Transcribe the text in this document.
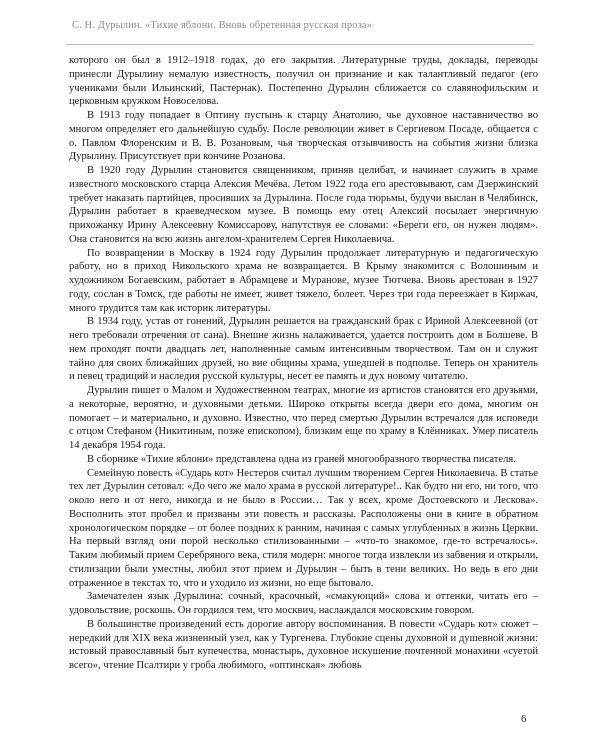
С. Н. Дурылин. «Тихие яблони. Вновь обретенная русская проза»

которого он был в 1912–1918 годах, до его закрытия. Литературные труды, доклады, переводы принесли Дурылину немалую известность, получил он признание и как талантливый педагог (его учениками были Ильинский, Пастернак). Постепенно Дурылин сближается со славянофильским и церковным кружком Новоселова.

В 1913 году попадает в Оптину пустынь к старцу Анатолию, чье духовное наставничество во многом определяет его дальнейшую судьбу. После революции живет в Сергиевом Посаде, общается с о. Павлом Флоренским и В. В. Розановым, чья творческая отзывчивость на события жизни близка Дурылину. Присутствует при кончине Розанова.

В 1920 году Дурылин становится священником, приняв целибат, и начинает служить в храме известного московского старца Алексия Мечёва. Летом 1922 года его арестовывают, сам Дзержинский требует наказать партийцев, просивших за Дурылина. После года тюрьмы, будучи выслан в Челябинск, Дурылин работает в краеведческом музее. В помощь ему отец Алексий посылает энергичную прихожанку Ирину Алексеевну Комиссарову, напутствуя ее словами: «Береги его, он нужен людям». Она становится на всю жизнь ангелом-хранителем Сергея Николаевича.

По возвращении в Москву в 1924 году Дурылин продолжает литературную и педагогическую работу, но в приход Никольского храма не возвращается. В Крыму знакомится с Волошиным и художником Богаевским, работает в Абрамцеве и Муранове, музее Тютчева. Вновь арестован в 1927 году, сослан в Томск, где работы не имеет, живет тяжело, болеет. Через три года переезжает в Киржач, много трудится там как историк литературы.

В 1934 году, устав от гонений, Дурылин решается на гражданский брак с Ириной Алексеевной (от него требовали отречения от сана). Внешне жизнь налаживается, удается построить дом в Болшеве. В нем проходят почти двадцать лет, наполненные самым интенсивным творчеством. Там он и служит тайно для своих ближайших друзей, но вне общины храма, ушедшей в подполье. Теперь он хранитель и певец традиций и наследия русской культуры, несет ее память и дух новому читателю.

Дурылин пишет о Малом и Художественном театрах, многие из артистов становятся его друзьями, а некоторые, вероятно, и духовными детьми. Широко открыты всегда двери его дома, многим он помогает – и материально, и духовно. Известно, что перед смертью Дурылин встречался для исповеди с отцом Стефаном (Никитиным, позже епископом), близким еще по храму в Клённиках. Умер писатель 14 декабря 1954 года.

В сборнике «Тихие яблони» представлена одна из граней многообразного творчества писателя.

Семейную повесть «Сударь кот» Нестеров считал лучшим творением Сергея Николаевича. В статье тех лет Дурылин сетовал: «До чего же мало храма в русской литературе!.. Как будто ни его, ни того, что около него и от него, никогда и не было в России… Так у всех, кроме Достоевского и Лескова». Восполнить этот пробел и призваны эти повесть и рассказы. Расположены они в книге в обратном хронологическом порядке – от более поздних к ранним, начиная с самых углубленных в жизнь Церкви. На первый взгляд они порой несколько стилизованными – «что-то знакомое, где-то встречалось». Таким любимый прием Серебряного века, стиля модерн: многое тогда извлекли из забвения и открыли, стилизации были уместны, любил этот прием и Дурылин – быть в тени великих. Но ведь в его дни отраженное в текстах то, что и уходило из жизни, но еще бытовало.

Замечателен язык Дурылина: сочный, красочный, «смакующий» слова и оттенки, читать его – удовольствие, роскошь. Он гордился тем, что москвич, наслаждался московским говором.

В большинстве произведений есть дорогие автору воспоминания. В повести «Сударь кот» сюжет – нередкий для XIX века жизненный узел, как у Тургенева. Глубокие сцены духовной и душевной жизни: истовый православный быт купечества, монастырь, духовное искушение почтенной монахини «суетой всего», чтение Псалтири у гроба любимого, «оптинская» любовь

6
